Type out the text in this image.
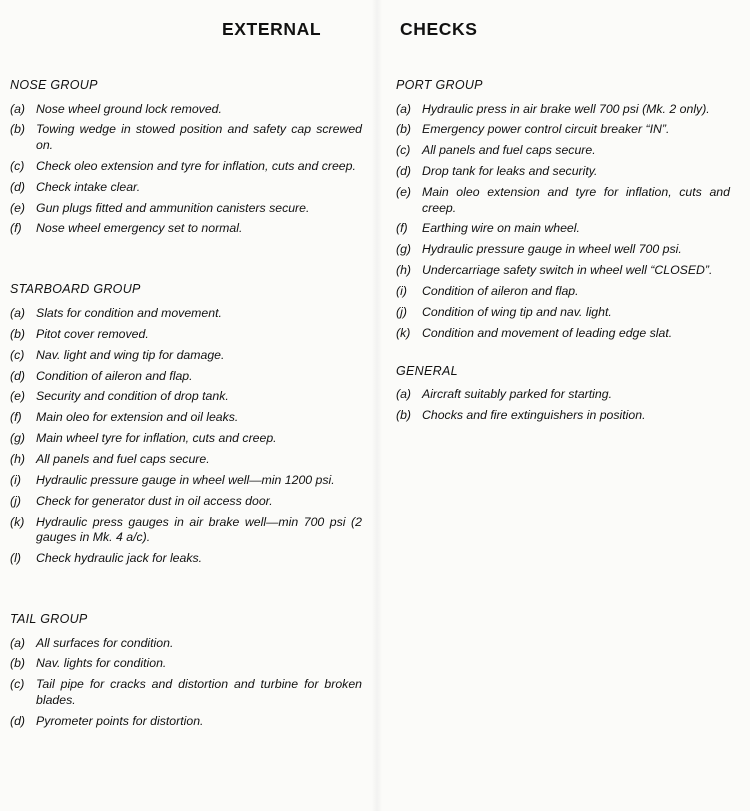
EXTERNAL	CHECKS
NOSE GROUP
(a) Nose wheel ground lock removed.
(b) Towing wedge in stowed position and safety cap screwed on.
(c) Check oleo extension and tyre for inflation, cuts and creep.
(d) Check intake clear.
(e) Gun plugs fitted and ammunition canisters secure.
(f)	Nose wheel emergency set to normal.
STARBOARD GROUP
(a) Slats for condition and movement.
(b) Pitot cover removed.
(c) Nav. light and wing tip for damage.
(d) Condition of aileron and flap.
(e) Security and condition of drop tank.
(f)	Main oleo for extension and oil leaks.
(g) Main wheel tyre for inflation, cuts and creep.
(h) All panels and fuel caps secure.
(i)	Hydraulic pressure gauge in wheel well—min 1200 psi.
(j)	Check for generator dust in oil access door.
(k) Hydraulic press gauges in air brake well—min 700 psi (2 gauges in Mk. 4 a/c).
(l)	Check hydraulic jack for leaks.
TAIL GROUP
(a) All surfaces for condition.
(b) Nav. lights for condition.
(c) Tail pipe for cracks and distortion and turbine for broken blades.
(d) Pyrometer points for distortion.
PORT GROUP
(a) Hydraulic press in air brake well 700 psi (Mk. 2 only).
(b) Emergency power control circuit breaker “IN”.
(c) All panels and fuel caps secure.
(d) Drop tank for leaks and security.
(e) Main oleo extension and tyre for inflation, cuts and creep.
(f)	Earthing wire on main wheel.
(g) Hydraulic pressure gauge in wheel well 700 psi.
(h) Undercarriage safety switch in wheel well “CLOSED”.
(i)	Condition of aileron and flap.
(j)	Condition of wing tip and nav. light.
(k) Condition and movement of leading edge slat.
GENERAL
(a) Aircraft suitably parked for starting.
(b) Chocks and fire extinguishers in position.
